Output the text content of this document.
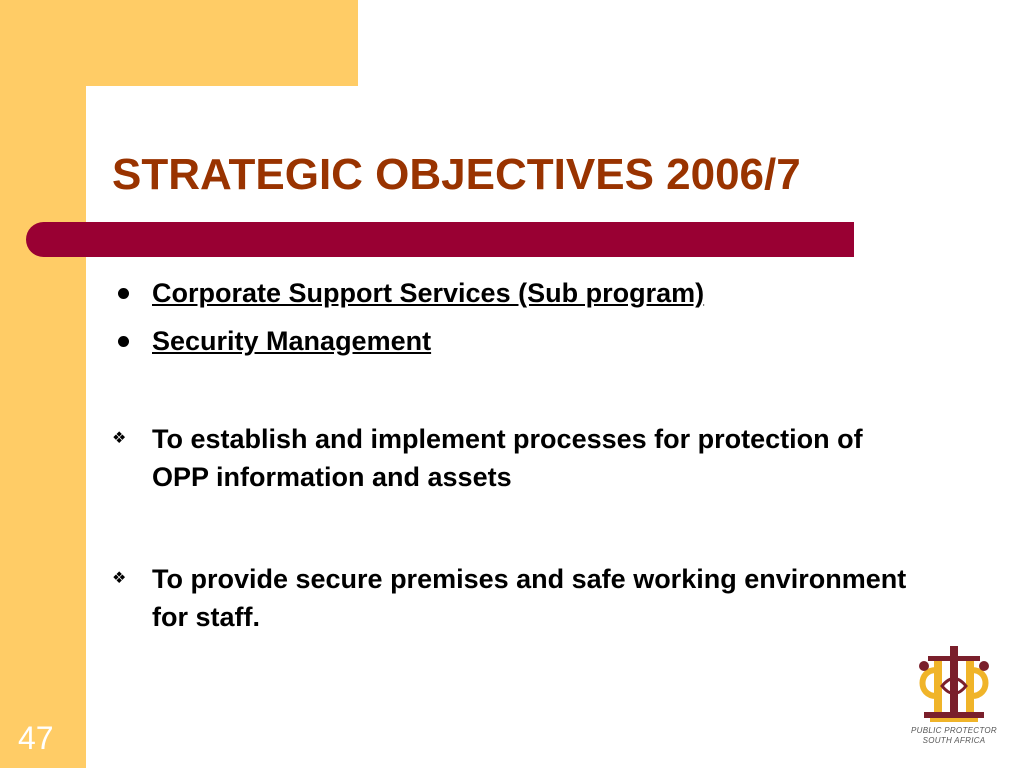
STRATEGIC OBJECTIVES 2006/7
Corporate Support Services (Sub program)
Security Management
❖ To establish and implement processes for protection of OPP information and assets
❖ To provide secure premises and safe working environment for staff.
47	PUBLIC PROTECTOR
SOUTH AFRICA
